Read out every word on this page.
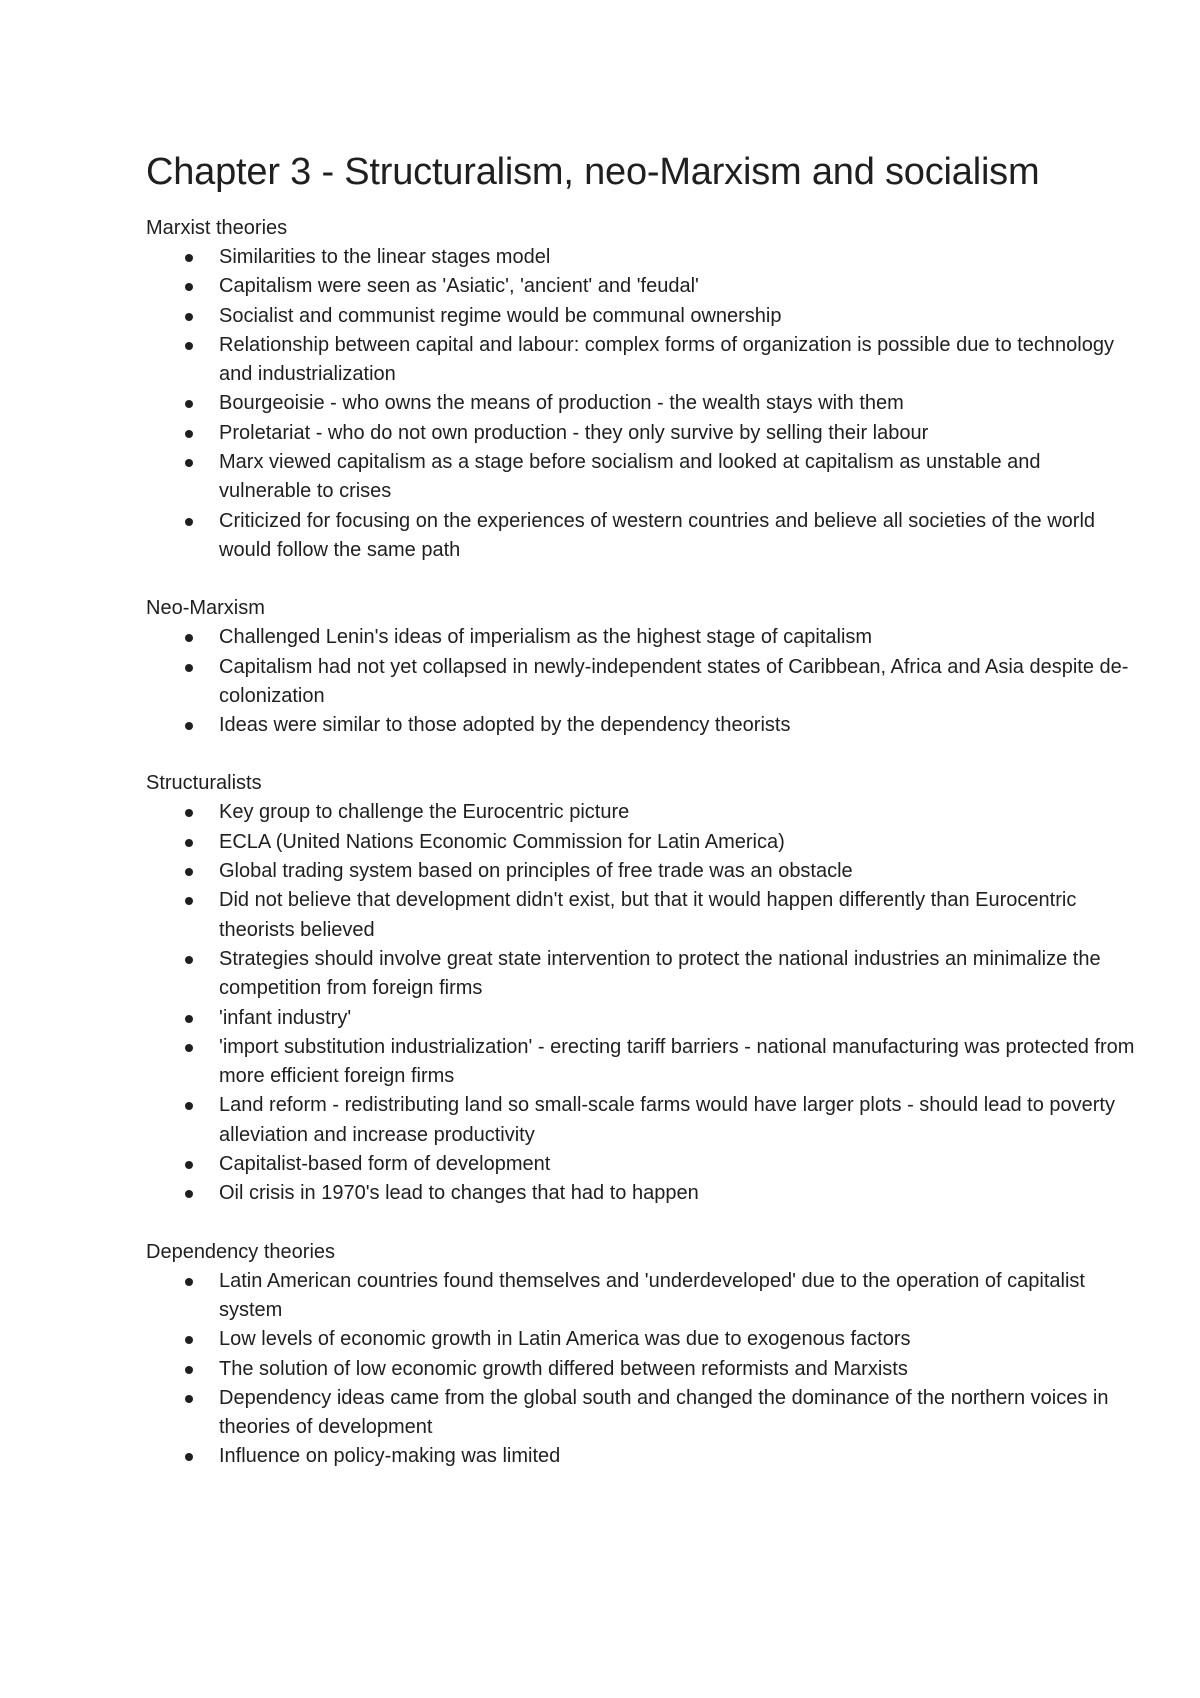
Chapter 3 - Structuralism, neo-Marxism and socialism
Marxist theories
Similarities to the linear stages model
Capitalism were seen as 'Asiatic', 'ancient' and 'feudal'
Socialist and communist regime would be communal ownership
Relationship between capital and labour: complex forms of organization is possible due to technology and industrialization
Bourgeoisie - who owns the means of production - the wealth stays with them
Proletariat - who do not own production - they only survive by selling their labour
Marx viewed capitalism as a stage before socialism and looked at capitalism as unstable and vulnerable to crises
Criticized for focusing on the experiences of western countries and believe all societies of the world would follow the same path
Neo-Marxism
Challenged Lenin's ideas of imperialism as the highest stage of capitalism
Capitalism had not yet collapsed in newly-independent states of Caribbean, Africa and Asia despite de-colonization
Ideas were similar to those adopted by the dependency theorists
Structuralists
Key group to challenge the Eurocentric picture
ECLA (United Nations Economic Commission for Latin America)
Global trading system based on principles of free trade was an obstacle
Did not believe that development didn't exist, but that it would happen differently than Eurocentric theorists believed
Strategies should involve great state intervention to protect the national industries an minimalize the competition from foreign firms
'infant industry'
'import substitution industrialization' - erecting tariff barriers - national manufacturing was protected from more efficient foreign firms
Land reform - redistributing land so small-scale farms would have larger plots - should lead to poverty alleviation and increase productivity
Capitalist-based form of development
Oil crisis in 1970's lead to changes that had to happen
Dependency theories
Latin American countries found themselves and 'underdeveloped' due to the operation of capitalist system
Low levels of economic growth in Latin America was due to exogenous factors
The solution of low economic growth differed between reformists and Marxists
Dependency ideas came from the global south and changed the dominance of the northern voices in theories of development
Influence on policy-making was limited
